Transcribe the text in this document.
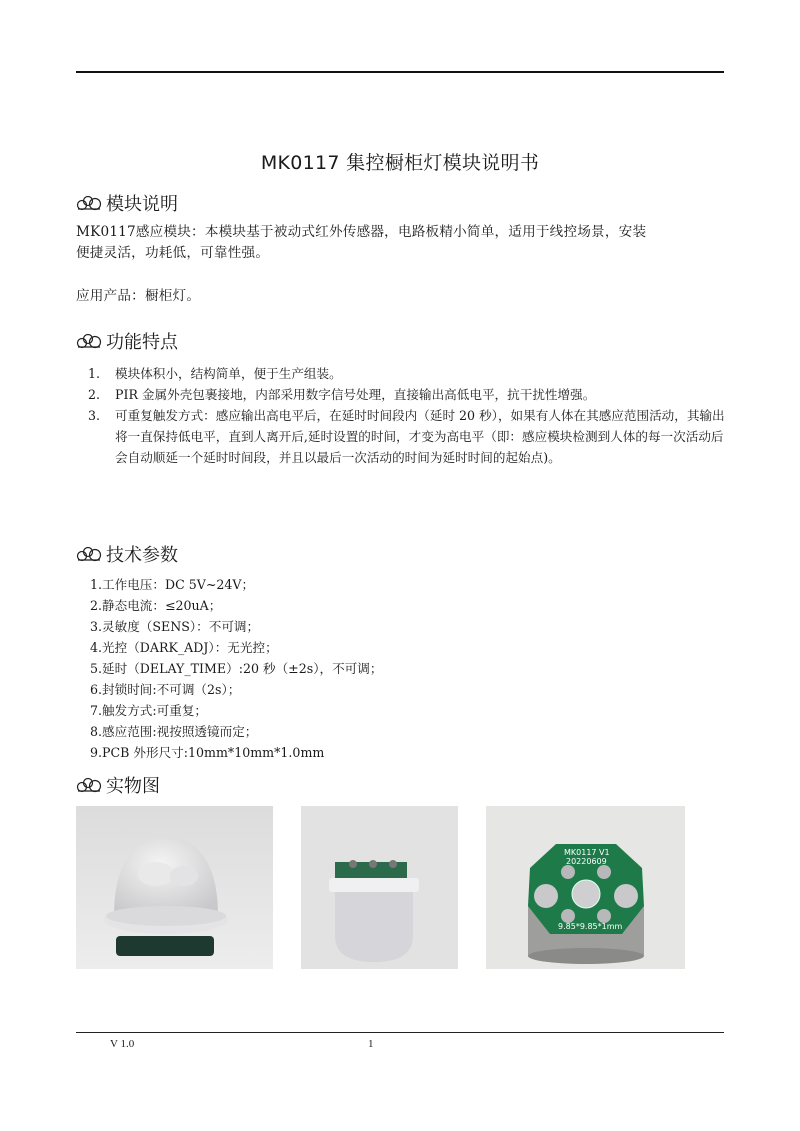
MK0117 集控橱柜灯模块说明书
模块说明
MK0117感应模块：本模块基于被动式红外传感器，电路板精小简单，适用于线控场景，安装
便捷灵活，功耗低，可靠性强。
应用产品：橱柜灯。
功能特点
1.	模块体积小，结构简单，便于生产组装。
2.	PIR 金属外壳包裹接地，内部采用数字信号处理，直接输出高低电平，抗干扰性增强。
3.	可重复触发方式：感应输出高电平后，在延时时间段内（延时 20 秒），如果有人体在其感应范围活动，其输出将一直保持低电平，直到人离开后,延时设置的时间，才变为高电平（即：感应模块检测到人体的每一次活动后会自动顺延一个延时时间段，并且以最后一次活动的时间为延时时间的起始点)。
技术参数
1.工作电压：DC 5V~24V；
2.静态电流：≤20uA；
3.灵敏度（SENS）：不可调；
4.光控（DARK_ADJ）：无光控；
5.延时（DELAY_TIME）:20 秒（±2s），不可调；
6.封锁时间:不可调（2s）；
7.触发方式:可重复；
8.感应范围:视按照透镜而定；
9.PCB 外形尺寸:10mm*10mm*1.0mm
实物图
MK0117 V1
20220609
9.85*9.85*1mm
V 1.0	1
